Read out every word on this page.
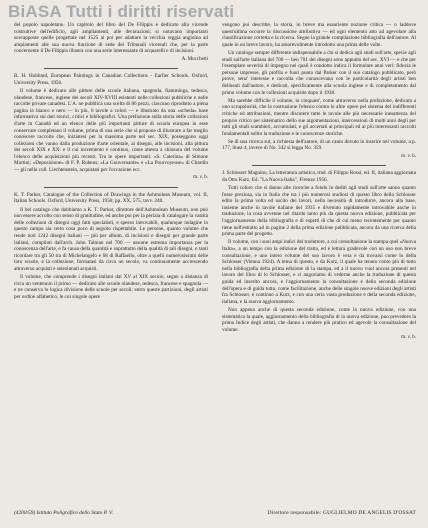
BiASA Tutti i diritti riservati

del popolo napoletano. Un capitolo del libro del De Filippis è dedicato alla vicende costruttive dell'edificio, agli ampliamenti, alle decorazioni; si notavano importanti sovrapposte quelle progettate nel 1525 ai poi per adattare la vecchia reggia angioina ad ampiamenti alle sua nuova funzione di sede dei Tribunali vicereali che, per la parte concernente il De Filippis illustra con una serie interessante di acquarelli e di incisioni.

A. Mucchetti

R. H. Hubbard, European Paintings in Canadian Collections - Earlier Schools. Oxford, University Press, 1956.

Il volume è dedicato alle pitture delle scuole italiana, spagnola, fiamminga, tedesca, olandese, francese, inglese dei secoli XIV-XVIII esistenti nelle collezioni pubbliche e nelle raccolte private canadesi. L'A. ne pubblica una scelta di 86 pezzi, ciascuno riprodotto a piena pagina in bianco e nero — in più, 6 tavole a colori — e illustrato da una «scheda» base informativa sui dati storici, critici e bibliografici. Una prefazione sulla storia delle collezioni d'arte in Canadà ed un elenco delle più importanti pitture di scuola europea in esse conservate completano il volume, prima di una serie che si propone di illustrare a far meglio conoscere raccolte che, iniziatesi per la massima parte nel sec. XIX, posseggono oggi collezioni che vanno dalla produzione d'arte orientale, ai disegni, alle incisioni, alla pittura dei secoli XIX e XX: e il cui incremento è continuo, come attesta a chiusura del volume l'elenco delle acquisizioni più recenti. Tra le opere importanti: «S. Caterina» di Simone Martini; «Deposizione» di F. P. Rubens; «La Gouvernante» e «La Pourvoyeuse» di Chardin — gli nella coll. Liechtenstein, acquistati per l'occasione ecc.

m. v. b.

K. T. Parker, Catalogue of the Collection of Drawings in the Ashmolean Museum, vol. II, Italian Schools. Oxford, University Press, 1956; pp. XX, 575, tavv. 240.

Il bel catalogo che dobbiamo a K. T. Parker, direttore dell'Ashmolean Museum, non può non essere accolto con senso di gratitudine, ed anche poi per la perizia di catalogare la vastità delle collezioni di disegni oggi fatti specialisti, e spesso introvabili, qualunque indagine in questo campo sia certo cosa poco di seguito rispettabile. Le persone, quanto volume che rende noti 1242 disegni italiani — più per album, di incisioni e disegni per grande parte italiani, compilati dall'arch. John Talman nel 700 — assume estrema importanza per la conoscenza dell'arte, e fa causa della quantità e soprattutto della qualità di tali disegni, e tanti ricordare tra gli 50 tra di Michelangelo e 68 di Raffaello, oltre a quelli numerosissimi delle loro scuole, e la collezione, formatasi da circa un secolo, va continuamente accrescendo attraverso acquisti e selezionati acquisti.

Il volume, che comprende i disegni italiani dal XV al XIX secolo, segue a distanza di circa un ventennio il primo — dedicato alle scuole olandese, tedesca, francese e spagnola — e ne conserva lo logica divisione delle scuole per secoli; entro queste partizioni, degli artisti per ordine alfabetico, le cui singole opere

vengono poi descritte, la storia, in breve ma esauriente nozione critica — o laddove quest'ultima occorre la discussione attributiva — ed ogni elemento atto ad agevolare alla classificazione corretta e la ricerca. Segue la grande compilazione bibliografia dell'autore. Al quale in un breve lavoro, ha amorevolmente introdotto una prima delle volte.

Un catalogo sempre differente indispensabile a chi si dedica agli studi sull'arte, specie agli studi sull'arte italiana del 700 — ben 701 dei disegni sono appunto del sec. XVI — e che per l'esemplare severità di impegno nei quali è condotto indica il formulare anni veri: fiducia le persone impresse, gli profilo e fuori punto dal Parker con il suo catalogo pubblicato, però prove, senz' interesse e raccolta che conoscevano con le particolarità degli artisti ben delineati dall'autore, e dedicati, specificamente alla scuola inglese e di completamento dal primo volume con le collezioni acquisite dopo il 1938.

Ma sarebbe difficile il volume, in cinquant', come attraverso nella prefazione, dedicata a uno scrupolosità, che la costruzione l'elenco contro le altre opere pel sistema del indifferenti critiche ed attribuzioni, mentre discutere tutte le tavole alle più necessarie inesattezza del proprio critico per sistematico dello sue argomentazioni, intercessioni di molti anni degli per tutti gli studi scambieri, accumulati, e gli accertati ai principali ed ai più interessanti raccolti fondamentali solito la traduzione e le conoscenze storiche.

Se di una ricerca sul, a richiesta dell'autore, di un canto dovuto in inserire nel volume, a p. 177, linea 4, invece di No. 342 si legga No. 359.

m. v. b.

J. Schlosser Magnino, La letteratura artistica, trad. di Filippo Rossi, ed. II, italiana aggiornata da Otto Kurz, Ed. "La Nuova Italia", Firenze 1956.

Tutti coloro che si danno alle ricerche a fondo in dediti agli studi sull'arte sanno quanto fosse preziosa, sia in Italia che tra i più numerosi studiosi di questo libro dello Schlosser edito la prima volta ed uscito dei lavori, nella necessità di introdurre, ancora alla base, insieme anche in tavole italiane del 1935 e divenuto rapidamente introvabile anche in traduzione, la cosa avvenne nel ritardo tanto più da questa nuova edizione, pubblicata per l'aggiornamento della bibliografia e di esperti di che di cui meno recentemente per quanto tiene nell'estratto ad in pagine 2 della prima edizione pubblicata, ancora da una ricerca della prima parte del progetto.

Il volume, con i suoi ampi indici del traduttore, a cui consultazione la stampa quel «Nuova Italia», a un tempo con la edizione del tratta, ed è lettura gradevole con un uso non breve consultazione, e uno intero volume del suo lavoro è vera e da trovarsi come lo della Schlosser (Vienna 1924). A tema di questo, e da Kurz, il quale ha tenuto conto più di tutto nella bibliografia della prima edizione di la stampa, ed a il nuovo vuol ancora presenti nel lavoro del libro di lo Schlosser, e ci auguriamo di vederne anche la traduzione di questa guida ed inserito ancora, e l'aggiornamento la consultazione e della seconda edizione dell'opera e di guida tutto, come facilitazione, anche delle singole nuove edizioni degli artisti fra Schlosser, è continuo a Kurz, e con una certa vasta produzione e della seconda edizione, italiana, e la nuova aggiornamento.

Non appena anche di questa seconda edizione, come la nuova edizione, con una sistematica la quale, aggiornamento della bibliografia di la nuova edizione, puo prevedere la prima Indice degli artisti, che danno a rendere più pratico ed agevole la consultazione del volume.

m. v. b.
(4200/59) Istituto Poligrafico dello Stato P. V.	Direttore responsabile: GUGLIELMO DE ANGELIS D'OSSAT
